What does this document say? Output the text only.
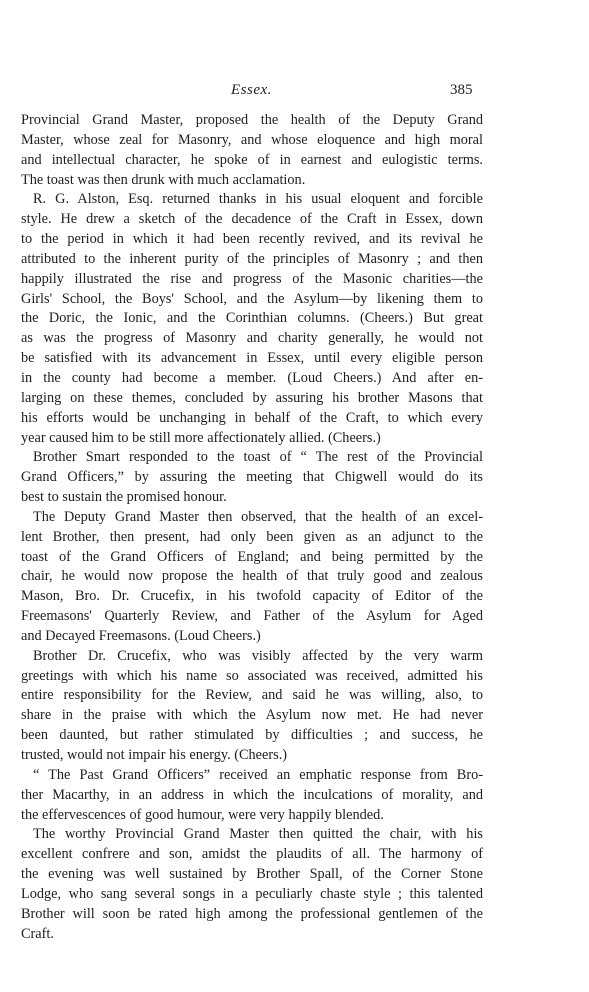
Essex.	385
Provincial Grand Master, proposed the health of the Deputy Grand
Master, whose zeal for Masonry, and whose eloquence and high moral
and intellectual character, he spoke of in earnest and eulogistic terms.
The toast was then drunk with much acclamation.
R. G. Alston, Esq. returned thanks in his usual eloquent and forcible
style. He drew a sketch of the decadence of the Craft in Essex, down
to the period in which it had been recently revived, and its revival he
attributed to the inherent purity of the principles of Masonry ; and then
happily illustrated the rise and progress of the Masonic charities—the
Girls' School, the Boys' School, and the Asylum—by likening them to
the Doric, the Ionic, and the Corinthian columns. (Cheers.) But great
as was the progress of Masonry and charity generally, he would not
be satisfied with its advancement in Essex, until every eligible person
in the county had become a member. (Loud Cheers.) And after en-
larging on these themes, concluded by assuring his brother Masons that
his efforts would be unchanging in behalf of the Craft, to which every
year caused him to be still more affectionately allied. (Cheers.)
Brother Smart responded to the toast of “ The rest of the Provincial
Grand Officers,” by assuring the meeting that Chigwell would do its
best to sustain the promised honour.
The Deputy Grand Master then observed, that the health of an excel-
lent Brother, then present, had only been given as an adjunct to the
toast of the Grand Officers of England; and being permitted by the
chair, he would now propose the health of that truly good and zealous
Mason, Bro. Dr. Crucefix, in his twofold capacity of Editor of the
Freemasons' Quarterly Review, and Father of the Asylum for Aged
and Decayed Freemasons. (Loud Cheers.)
Brother Dr. Crucefix, who was visibly affected by the very warm
greetings with which his name so associated was received, admitted his
entire responsibility for the Review, and said he was willing, also, to
share in the praise with which the Asylum now met. He had never
been daunted, but rather stimulated by difficulties ; and success, he
trusted, would not impair his energy. (Cheers.)
“ The Past Grand Officers” received an emphatic response from Bro-
ther Macarthy, in an address in which the inculcations of morality, and
the effervescences of good humour, were very happily blended.
The worthy Provincial Grand Master then quitted the chair, with his
excellent confrere and son, amidst the plaudits of all. The harmony of
the evening was well sustained by Brother Spall, of the Corner Stone
Lodge, who sang several songs in a peculiarly chaste style ; this talented
Brother will soon be rated high among the professional gentlemen of the
Craft.
